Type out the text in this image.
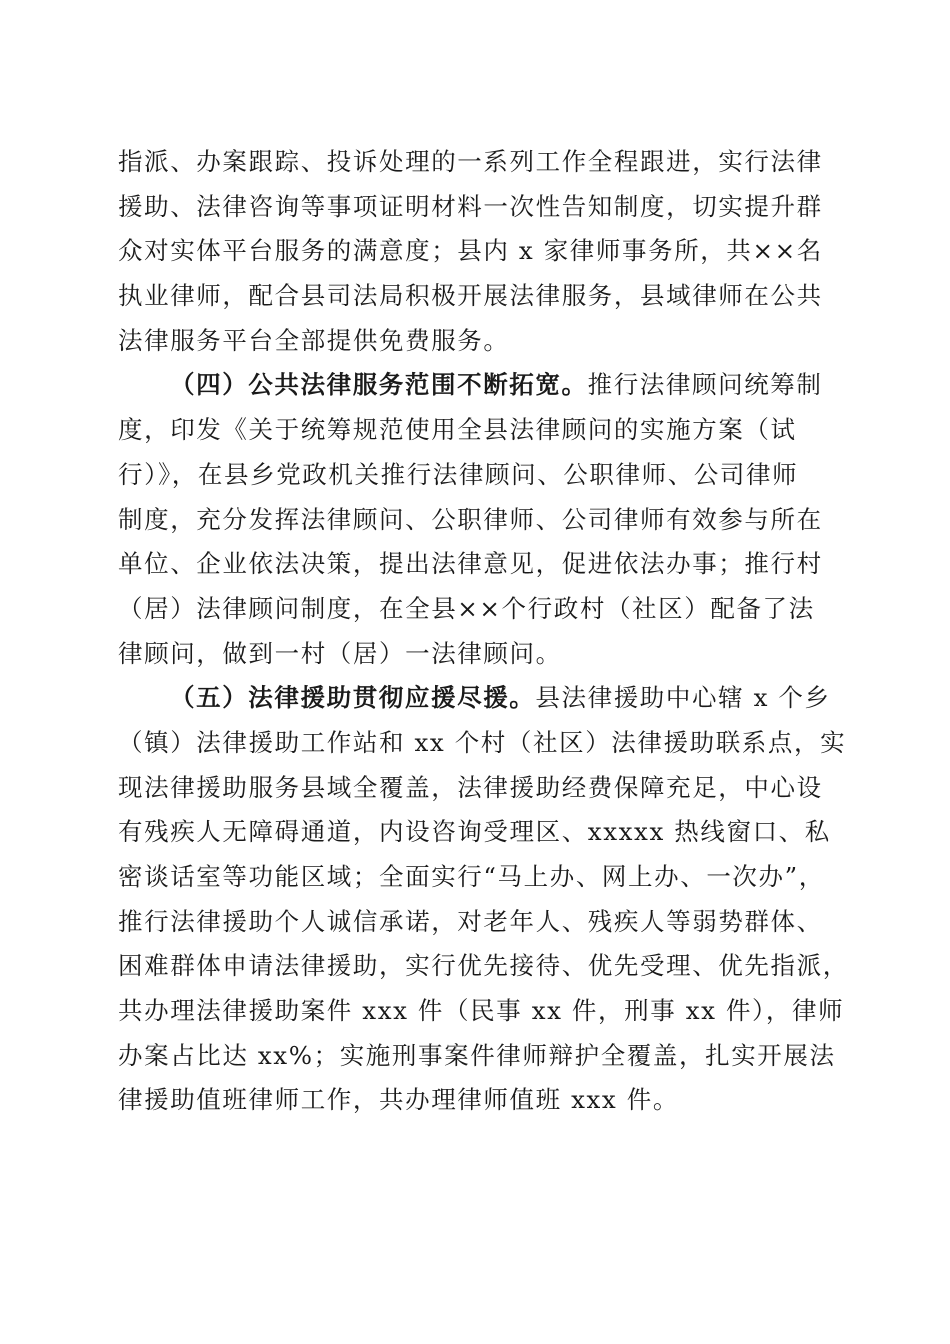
指派、办案跟踪、投诉处理的一系列工作全程跟进，实行法律
援助、法律咨询等事项证明材料一次性告知制度，切实提升群
众对实体平台服务的满意度；县内 x 家律师事务所，共××名
执业律师，配合县司法局积极开展法律服务，县域律师在公共
法律服务平台全部提供免费服务。
（四）公共法律服务范围不断拓宽。推行法律顾问统筹制
度，印发《关于统筹规范使用全县法律顾问的实施方案（试
行）》，在县乡党政机关推行法律顾问、公职律师、公司律师
制度，充分发挥法律顾问、公职律师、公司律师有效参与所在
单位、企业依法决策，提出法律意见，促进依法办事；推行村
（居）法律顾问制度，在全县××个行政村（社区）配备了法
律顾问，做到一村（居）一法律顾问。
（五）法律援助贯彻应援尽援。县法律援助中心辖 x 个乡
（镇）法律援助工作站和 xx 个村（社区）法律援助联系点，实
现法律援助服务县域全覆盖，法律援助经费保障充足，中心设
有残疾人无障碍通道，内设咨询受理区、xxxxx 热线窗口、私
密谈话室等功能区域；全面实行“马上办、网上办、一次办”，
推行法律援助个人诚信承诺，对老年人、残疾人等弱势群体、
困难群体申请法律援助，实行优先接待、优先受理、优先指派，
共办理法律援助案件 xxx 件（民事 xx 件，刑事 xx 件），律师
办案占比达 xx%；实施刑事案件律师辩护全覆盖，扎实开展法
律援助值班律师工作，共办理律师值班 xxx 件。
